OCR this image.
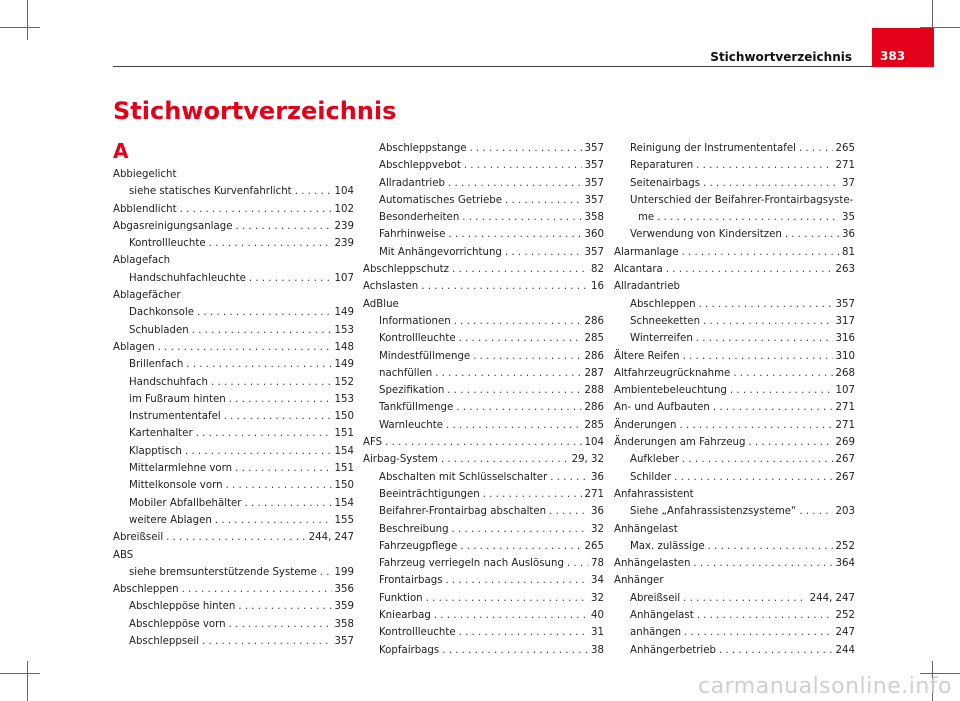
Stichwortverzeichnis 383
Stichwortverzeichnis
A
Abbiegelicht
siehe statisches Kurvenfahrlicht . . .	104
Abblendlicht . . .	102
Abgasreinigungsanlage . . .	239
Kontrollleuchte . . .	239
Ablagefach
Handschuhfachleuchte . . .	107
Ablagefächer
Dachkonsole . . .	149
Schubladen . . .	153
Ablagen . . .	148
Brillenfach . . .	149
Handschuhfach . . .	152
im Fußraum hinten . . .	153
Instrumententafel . . .	150
Kartenhalter . . .	151
Klapptisch . . .	154
Mittelarmlehne vorn . . .	151
Mittelkonsole vorn . . .	150
Mobiler Abfallbehälter . . .	154
weitere Ablagen . . .	155
Abreißseil . . .	244, 247
ABS
siehe bremsunterstützende Systeme . . . 199
Abschleppen . . .	356
Abschleppöse hinten . . .	359
Abschleppöse vorn . . .	358
Abschleppseil . . .	357
Abschleppstange . . .	357
Abschleppvebot . . .	357
Allradantrieb . . .	357
Automatisches Getriebe . . .	357
Besonderheiten . . .	358
Fahrhinweise . . .	360
Mit Anhängevorrichtung . . .	357
Abschleppschutz . . .	82
Achslasten . . .	16
AdBlue
Informationen . . .	286
Kontrollleuchte . . .	285
Mindestfüllmenge . . .	286
nachfüllen . . .	287
Spezifikation . . .	288
Tankfüllmenge . . .	286
Warnleuchte . . .	285
AFS . . .	104
Airbag-System . . .	29, 32
Abschalten mit Schlüsselschalter . . .	36
Beeinträchtigungen . . .	271
Beifahrer-Frontairbag abschalten . . .	36
Beschreibung . . .	32
Fahrzeugpflege . . .	265
Fahrzeug verriegeln nach Auslösung . . .	78
Frontairbags . . .	34
Funktion . . .	32
Kniearbag . . .	40
Kontrollleuchte . . .	31
Kopfairbags . . .	38
Reinigung der Instrumententafel . . .	265
Reparaturen . . .	271
Seitenairbags . . .	37
Unterschied der Beifahrer-Frontairbagsyste-
me . . .	35
Verwendung von Kindersitzen . . .	36
Alarmanlage . . .	81
Alcantara . . .	263
Allradantrieb
Abschleppen . . .	357
Schneeketten . . .	317
Winterreifen . . .	316
Ältere Reifen . . .	310
Altfahrzeugrücknahme . . .	268
Ambientebeleuchtung . . .	107
An- und Aufbauten . . .	271
Änderungen . . .	271
Änderungen am Fahrzeug . . .	269
Aufkleber . . .	267
Schilder . . .	267
Anfahrassistent
Siehe „Anfahrassistenzsysteme“ . . .	203
Anhängelast
Max. zulässige . . .	252
Anhängelasten . . .	364
Anhänger
Abreißseil . . .	244, 247
Anhängelast . . .	252
anhängen . . .	247
Anhängerbetrieb . . .	244
carmanualsonline.info
